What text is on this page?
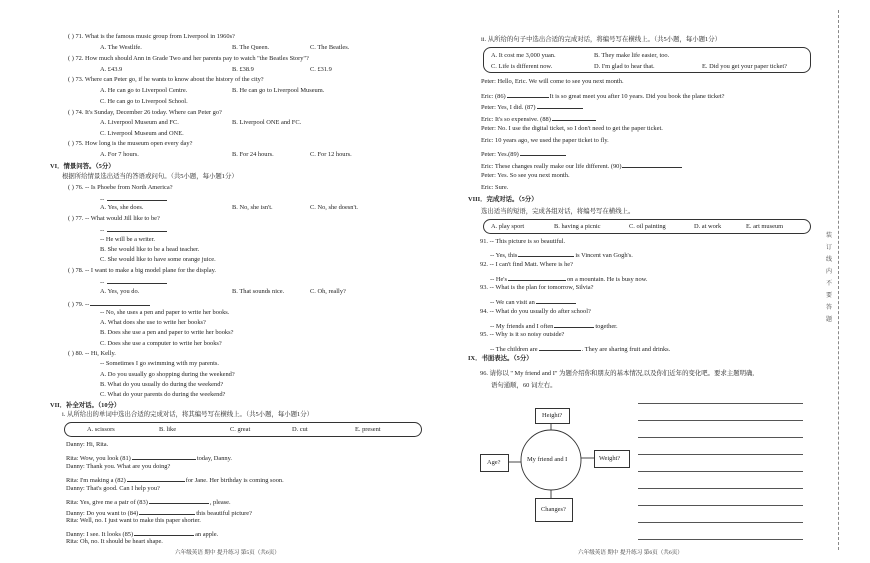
( ) 71. What is the famous music group from Liverpool in 1960s?
A. The Westlife.	B. The Queen.	C. The Beatles.
( ) 72. How much should Ann in Grade Two and her parents pay to watch "the Beatles Story"?
A. £43.9	B. £38.9	C. £31.9
( ) 73. Where can Peter go, if he wants to know about the history of the city?
A. He can go to Liverpool Centre.	B. He can go to Liverpool Museum.
C. He can go to Liverpool School.
( ) 74. It's Sunday, December 26 today. Where can Peter go?
A. Liverpool Museum and FC.	B. Liverpool ONE and FC.
C. Liverpool Museum and ONE.
( ) 75. How long is the museum open every day?
A. For 7 hours.	B. For 24 hours.	C. For 12 hours.
VI．情景问答。（5分）
根据所给情景选出适当的答语或问句。（共5小题，每小题1分）
( ) 76. -- Is Phoebe from North America?
--
A. Yes, she does.	B. No, she isn't.	C. No, she doesn't.
( ) 77. -- What would Jill like to be?
--
-- He will be a writer.
B. She would like to be a head teacher.
C. She would like to have some orange juice.
( ) 78. -- I want to make a big model plane for the display.
--
A. Yes, you do.	B. That sounds nice.	C. Oh, really?
( ) 79. --
-- No, she uses a pen and paper to write her books.
A. What does she use to write her books?
B. Does she use a pen and paper to write her books?
C. Does she use a computer to write her books?
( ) 80. -- Hi, Kelly.
-- Sometimes I go swimming with my parents.
A. Do you usually go shopping during the weekend?
B. What do you usually do during the weekend?
C. What do your parents do during the weekend?
VII．补全对话。（10分）
i. 从所给出的单词中选出合适的完成对话，将其编号写在横线上。（共5小题，每小题1分）
A. scissors	B. like	C. great	D. cut	E. present
Danny: Hi, Rita.
Rita: Wow, you look (81)	today, Danny.
Danny: Thank you. What are you doing?
Rita: I'm making a (82)	for Jane. Her birthday is coming soon.
Danny: That's good. Can I help you?
Rita: Yes, give me a pair of (83)	, please.
Danny: Do you want to (84)	this beautiful picture?
Rita: Well, no. I just want to make this paper shorter.
Danny: I see. It looks (85)	an apple.
Rita: Oh, no. It should be heart shape.
六年级英语 期中 提升练习 第5页（共6页）
ii. 从所给的句子中选出合适的完成对话，将编号写在横线上。（共5小题，每小题1分）
A. It cost me 3,000 yuan.	B. They make life easier, too.
C. Life is different now.	D. I'm glad to hear that.	E. Did you get your paper ticket?
Peter: Hello, Eric. We will come to see you next month.
Eric: (86)	It is so great meet you after 10 years. Did you book the plane ticket?
Peter: Yes, I did. (87)
Eric: It's so expensive. (88)
Peter: No. I use the digital ticket, so I don't need to get the paper ticket.
Eric: 10 years ago, we used the paper ticket to fly.
Peter: Yes.(89)
Eric: These changes really make our life different. (90)
Peter: Yes. So see you next month.
Eric: Sure.
VIII．完成对话。（5分）
选出适当的短语，完成各组对话，将编号写在横线上。
A. play sport	B. having a picnic	C. oil painting	D. at work	E. art museum
91. -- This picture is so beautiful.
-- Yes, this	is Vincent van Gogh's.
92. -- I can't find Matt. Where is he?
-- He's	on a mountain. He is busy now.
93. -- What is the plan for tomorrow, Silvia?
-- We can visit an
94. -- What do you usually do after school?
-- My friends and I often	together.
95. -- Why is it so noisy outside?
-- The children are	. They are sharing fruit and drinks.
IX．书面表达。（5分）
96. 请你以 " My friend and I" 为题介绍你和朋友的基本情况,以及你们近年的变化吧。要求主题明确,
语句通顺，60 词左右。
Height?
Age?
Weight?
Changes?
My friend and I
六年级英语 期中 提升练习 第6页（共6页）
装订线内不要答题
